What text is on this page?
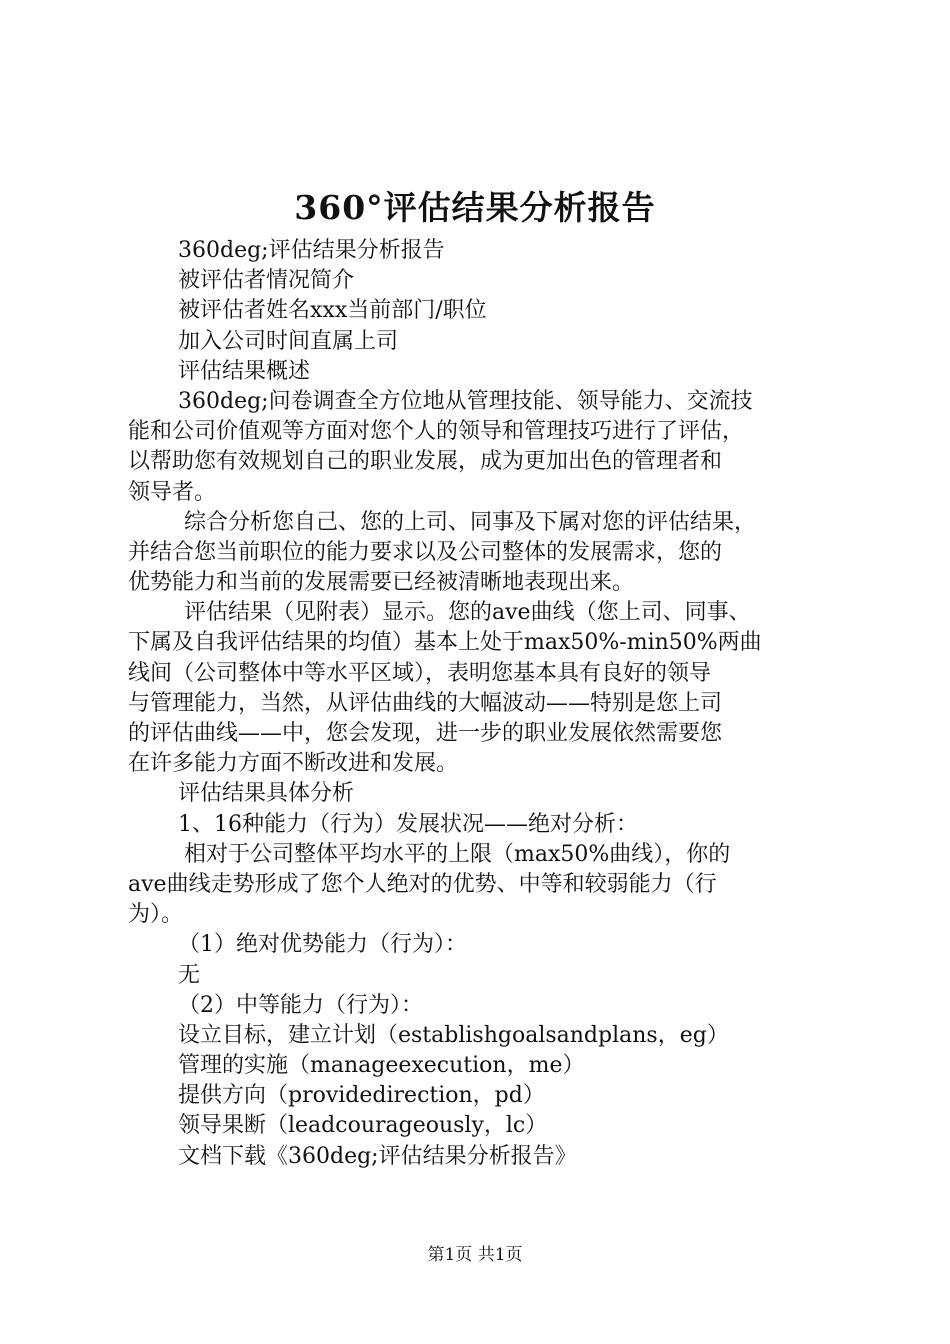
360°评估结果分析报告
360deg;评估结果分析报告
被评估者情况简介
被评估者姓名xxx当前部门/职位
加入公司时间直属上司
评估结果概述
360deg;问卷调查全方位地从管理技能、领导能力、交流技
能和公司价值观等方面对您个人的领导和管理技巧进行了评估，
以帮助您有效规划自己的职业发展，成为更加出色的管理者和
领导者。
综合分析您自己、您的上司、同事及下属对您的评估结果，
并结合您当前职位的能力要求以及公司整体的发展需求，您的
优势能力和当前的发展需要已经被清晰地表现出来。
评估结果（见附表）显示。您的ave曲线（您上司、同事、
下属及自我评估结果的均值）基本上处于max50%-min50%两曲
线间（公司整体中等水平区域），表明您基本具有良好的领导
与管理能力，当然，从评估曲线的大幅波动——特别是您上司
的评估曲线——中，您会发现，进一步的职业发展依然需要您
在许多能力方面不断改进和发展。
评估结果具体分析
1、16种能力（行为）发展状况——绝对分析：
相对于公司整体平均水平的上限（max50%曲线），你的
ave曲线走势形成了您个人绝对的优势、中等和较弱能力（行
为）。
（1）绝对优势能力（行为）：
无
（2）中等能力（行为）：
设立目标，建立计划（establishgoalsandplans，eg）
管理的实施（manageexecution，me）
提供方向（providedirection，pd）
领导果断（leadcourageously，lc）
文档下载《360deg;评估结果分析报告》
第1页 共1页
